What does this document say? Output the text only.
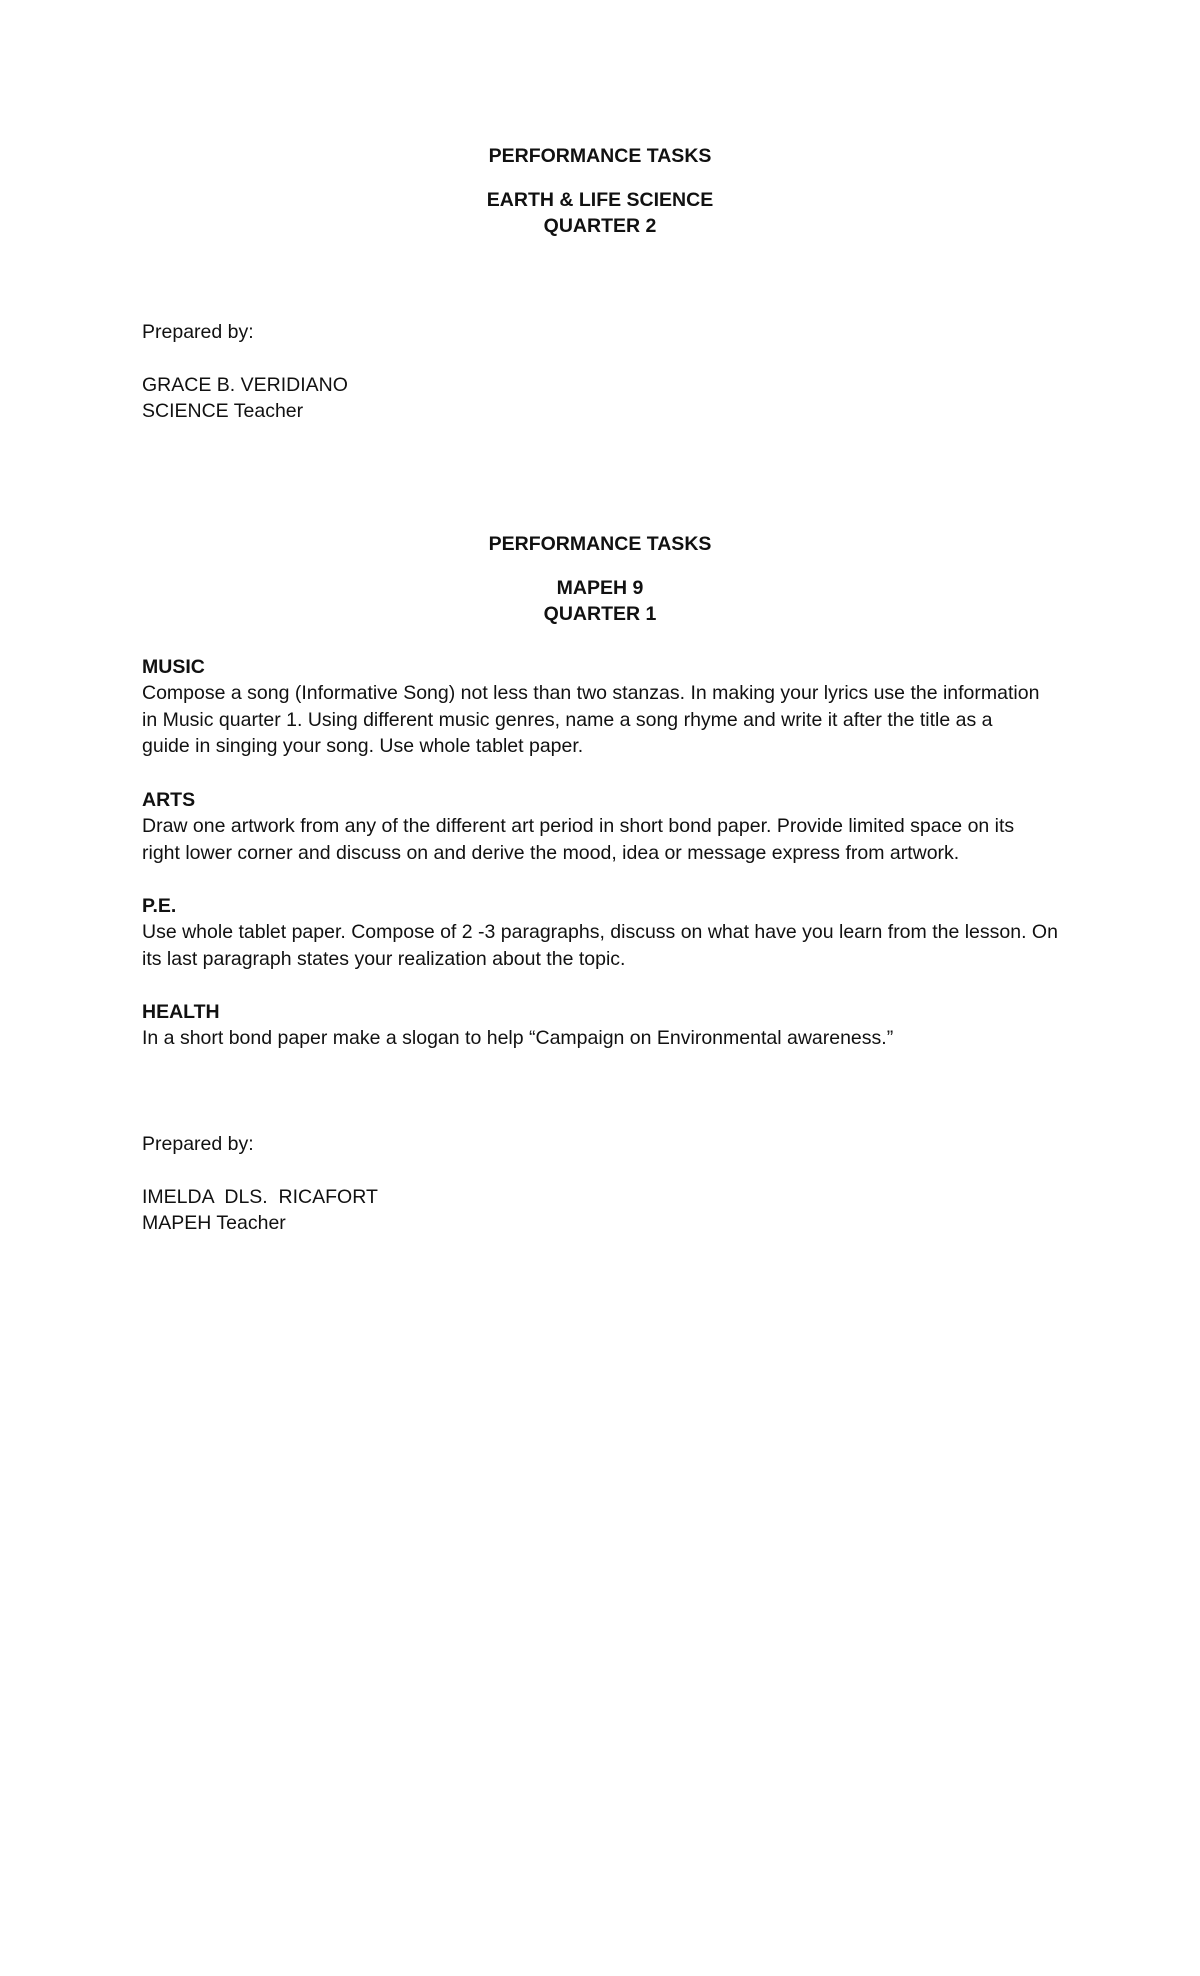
PERFORMANCE TASKS

EARTH & LIFE SCIENCE

QUARTER 2

Prepared by:

GRACE B. VERIDIANO

SCIENCE Teacher

PERFORMANCE TASKS

MAPEH 9

QUARTER 1

MUSIC

Compose a song (Informative Song) not less than two stanzas. In making your lyrics use the information
in Music quarter 1. Using different music genres, name a song rhyme and write it after the title as a
guide in singing your song. Use whole tablet paper.

ARTS

Draw one artwork from any of the different art period in short bond paper. Provide limited space on its
right lower corner and discuss on and derive the mood, idea or message express from artwork.

P.E.

Use whole tablet paper. Compose of 2 -3 paragraphs, discuss on what have you learn from the lesson. On
its last paragraph states your realization about the topic.

HEALTH

In a short bond paper make a slogan to help “Campaign on Environmental awareness.”

Prepared by:

IMELDA  DLS.  RICAFORT

MAPEH Teacher
